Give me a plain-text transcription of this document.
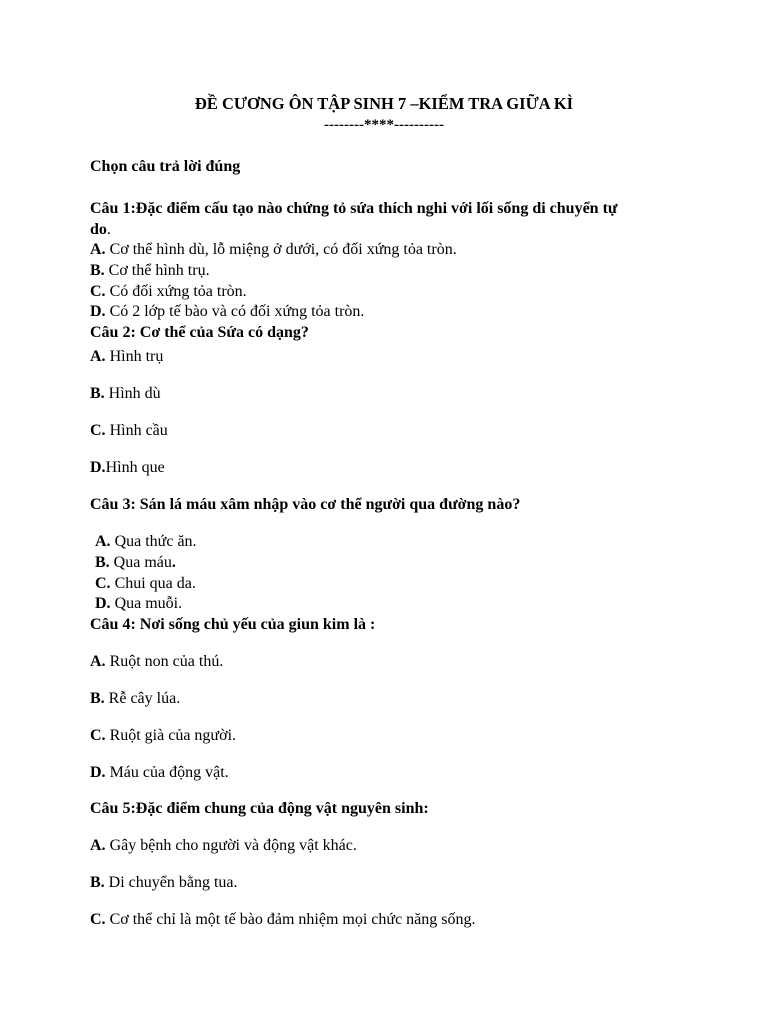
ĐỀ CƯƠNG ÔN TẬP SINH 7 –KIỂM TRA GIỮA KÌ
--------****----------
Chọn câu trả lời đúng
Câu 1:Đặc điểm cấu tạo nào chứng tỏ sứa thích nghi với lối sống di chuyển tự
do.
A. Cơ thể hình dù, lỗ miệng ở dưới, có đối xứng tỏa tròn.
B. Cơ thể hình trụ.
C. Có đối xứng tỏa tròn.
D. Có 2 lớp tế bào và có đối xứng tỏa tròn.
Câu 2: Cơ thể của Sứa có dạng?
A. Hình trụ
B. Hình dù
C. Hình cầu
D.Hình que
Câu 3: Sán lá máu xâm nhập vào cơ thể người qua đường nào?
A. Qua thức ăn.
B. Qua máu.
C. Chui qua da.
D. Qua muỗi.
Câu 4: Nơi sống chủ yếu của giun kim là :
A. Ruột non của thú.
B. Rễ cây lúa.
C. Ruột già của người.
D. Máu của động vật.
Câu 5:Đặc điểm chung của động vật nguyên sinh:
A. Gây bệnh cho người và động vật khác.
B. Di chuyển bằng tua.
C. Cơ thể chỉ là một tế bào đảm nhiệm mọi chức năng sống.
